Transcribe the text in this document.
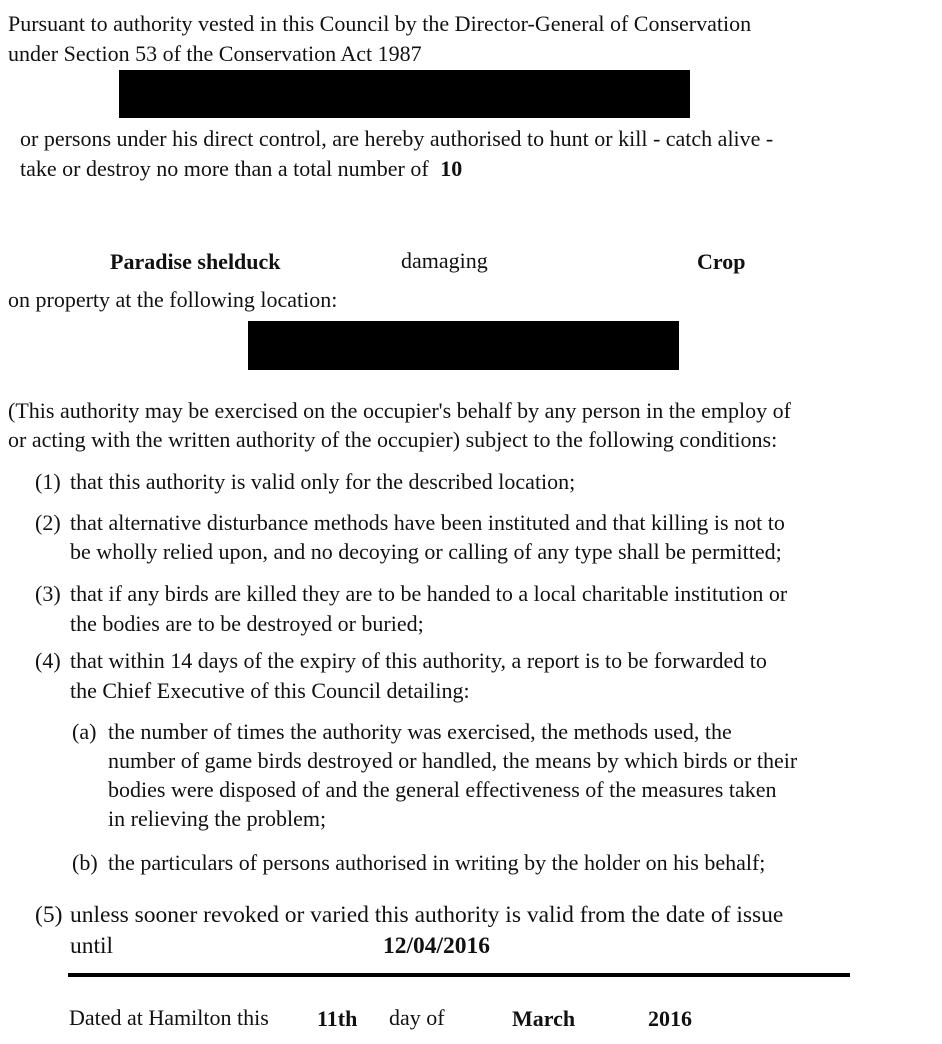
Pursuant to authority vested in this Council by the Director-General of Conservation
under Section 53 of the Conservation Act 1987
or persons under his direct control, are hereby authorised to hunt or kill - catch alive -
take or destroy no more than a total number of 10
Paradise shelduck	damaging	Crop
on property at the following location:
(This authority may be exercised on the occupier's behalf by any person in the employ of
or acting with the written authority of the occupier) subject to the following conditions:
(1) that this authority is valid only for the described location;
(2) that alternative disturbance methods have been instituted and that killing is not to
be wholly relied upon, and no decoying or calling of any type shall be permitted;
(3) that if any birds are killed they are to be handed to a local charitable institution or
the bodies are to be destroyed or buried;
(4) that within 14 days of the expiry of this authority, a report is to be forwarded to
the Chief Executive of this Council detailing:
(a) the number of times the authority was exercised, the methods used, the
number of game birds destroyed or handled, the means by which birds or their
bodies were disposed of and the general effectiveness of the measures taken
in relieving the problem;
(b) the particulars of persons authorised in writing by the holder on his behalf;
(5) unless sooner revoked or varied this authority is valid from the date of issue
until	12/04/2016
Dated at Hamilton this 11th day of	March	2016
